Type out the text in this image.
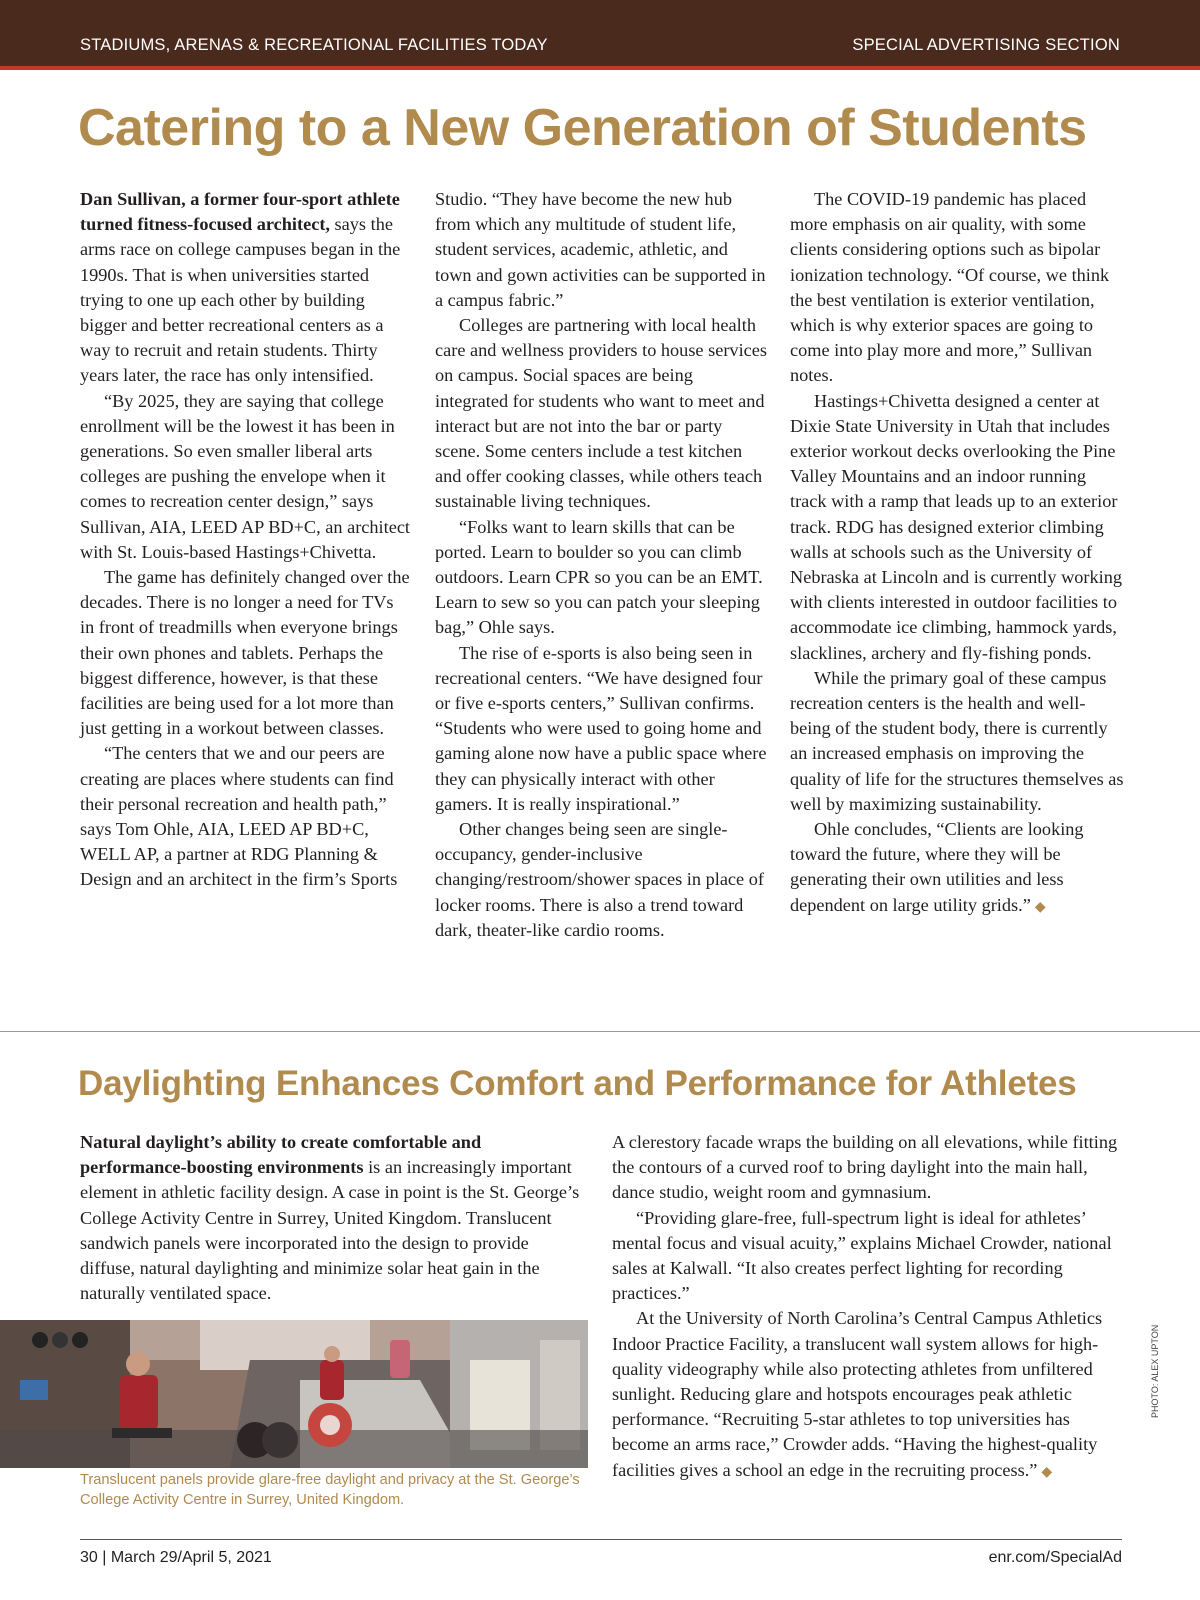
STADIUMS, ARENAS & RECREATIONAL FACILITIES TODAY	SPECIAL ADVERTISING SECTION
Catering to a New Generation of Students

Dan Sullivan, a former four-sport athlete turned fitness-focused architect, says the arms race on college campuses began in the 1990s. That is when universities started trying to one up each other by building bigger and better recreational centers as a way to recruit and retain students. Thirty years later, the race has only intensified.

“By 2025, they are saying that college enrollment will be the lowest it has been in generations. So even smaller liberal arts colleges are pushing the envelope when it comes to recreation center design,” says Sullivan, AIA, LEED AP BD+C, an architect with St. Louis-based Hastings+Chivetta.

The game has definitely changed over the decades. There is no longer a need for TVs in front of treadmills when everyone brings their own phones and tablets. Perhaps the biggest difference, however, is that these facilities are being used for a lot more than just getting in a workout between classes.

“The centers that we and our peers are creating are places where students can find their personal recreation and health path,” says Tom Ohle, AIA, LEED AP BD+C, WELL AP, a partner at RDG Planning & Design and an architect in the firm’s Sports

Studio. “They have become the new hub from which any multitude of student life, student services, academic, athletic, and town and gown activities can be supported in a campus fabric.”

Colleges are partnering with local health care and wellness providers to house services on campus. Social spaces are being integrated for students who want to meet and interact but are not into the bar or party scene. Some centers include a test kitchen and offer cooking classes, while others teach sustainable living techniques.

“Folks want to learn skills that can be ported. Learn to boulder so you can climb outdoors. Learn CPR so you can be an EMT. Learn to sew so you can patch your sleeping bag,” Ohle says.

The rise of e-sports is also being seen in recreational centers. “We have designed four or five e-sports centers,” Sullivan confirms. “Students who were used to going home and gaming alone now have a public space where they can physically interact with other gamers. It is really inspirational.”

Other changes being seen are single-occupancy, gender-inclusive changing/restroom/shower spaces in place of locker rooms. There is also a trend toward dark, theater-like cardio rooms.

The COVID-19 pandemic has placed more emphasis on air quality, with some clients considering options such as bipolar ionization technology. “Of course, we think the best ventilation is exterior ventilation, which is why exterior spaces are going to come into play more and more,” Sullivan notes.

Hastings+Chivetta designed a center at Dixie State University in Utah that includes exterior workout decks overlooking the Pine Valley Mountains and an indoor running track with a ramp that leads up to an exterior track. RDG has designed exterior climbing walls at schools such as the University of Nebraska at Lincoln and is currently working with clients interested in outdoor facilities to accommodate ice climbing, hammock yards, slacklines, archery and fly-fishing ponds.

While the primary goal of these campus recreation centers is the health and well-being of the student body, there is currently an increased emphasis on improving the quality of life for the structures themselves as well by maximizing sustainability.

Ohle concludes, “Clients are looking toward the future, where they will be generating their own utilities and less dependent on large utility grids.” ◆

Daylighting Enhances Comfort and Performance for Athletes

Natural daylight’s ability to create comfortable and performance-boosting environments is an increasingly important element in athletic facility design. A case in point is the St. George’s College Activity Centre in Surrey, United Kingdom. Translucent sandwich panels were incorporated into the design to provide diffuse, natural daylighting and minimize solar heat gain in the naturally ventilated space.

Translucent panels provide glare-free daylight and privacy at the St. George’s College Activity Centre in Surrey, United Kingdom.

A clerestory facade wraps the building on all elevations, while fitting the contours of a curved roof to bring daylight into the main hall, dance studio, weight room and gymnasium.

“Providing glare-free, full-spectrum light is ideal for athletes’ mental focus and visual acuity,” explains Michael Crowder, national sales at Kalwall. “It also creates perfect lighting for recording practices.”

At the University of North Carolina’s Central Campus Athletics Indoor Practice Facility, a translucent wall system allows for high-quality videography while also protecting athletes from unfiltered sunlight. Reducing glare and hotspots encourages peak athletic performance. “Recruiting 5-star athletes to top universities has become an arms race,” Crowder adds. “Having the highest-quality facilities gives a school an edge in the recruiting process.” ◆

PHOTO: ALEX UPTON
30 | March 29/April 5, 2021	enr.com/SpecialAd
